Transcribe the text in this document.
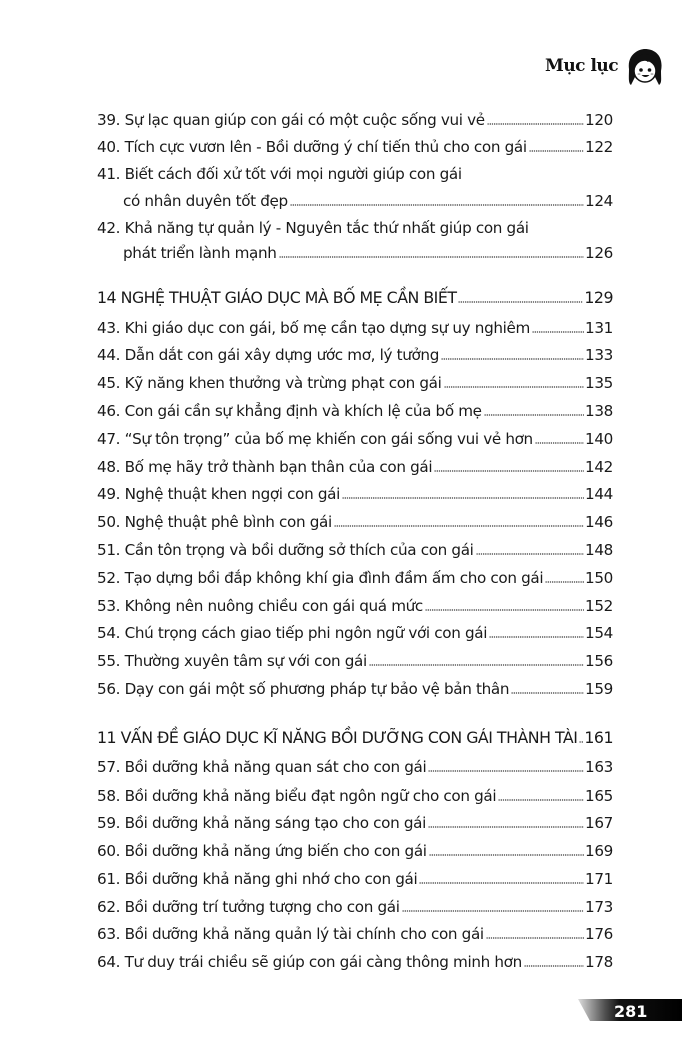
Mục lục
39. Sự lạc quan giúp con gái có một cuộc sống vui vẻ	120
40. Tích cực vươn lên - Bồi dưỡng ý chí tiến thủ cho con gái	122
41. Biết cách đối xử tốt với mọi người giúp con gái
có nhân duyên tốt đẹp	124
42. Khả năng tự quản lý - Nguyên tắc thứ nhất giúp con gái
phát triển lành mạnh	126
14 NGHỆ THUẬT GIÁO DỤC MÀ BỐ MẸ CẦN BIẾT	129
43. Khi giáo dục con gái, bố mẹ cần tạo dựng sự uy nghiêm	131
44. Dẫn dắt con gái xây dựng ước mơ, lý tưởng	133
45. Kỹ năng khen thưởng và trừng phạt con gái	135
46. Con gái cần sự khẳng định và khích lệ của bố mẹ	138
47. “Sự tôn trọng” của bố mẹ khiến con gái sống vui vẻ hơn	140
48. Bố mẹ hãy trở thành bạn thân của con gái	142
49. Nghệ thuật khen ngợi con gái	144
50. Nghệ thuật phê bình con gái	146
51. Cần tôn trọng và bồi dưỡng sở thích của con gái	148
52. Tạo dựng bồi đắp không khí gia đình đầm ấm cho con gái	150
53. Không nên nuông chiều con gái quá mức	152
54. Chú trọng cách giao tiếp phi ngôn ngữ với con gái	154
55. Thường xuyên tâm sự với con gái	156
56. Dạy con gái một số phương pháp tự bảo vệ bản thân	159
11 VẤN ĐỀ GIÁO DỤC KĨ NĂNG BỒI DƯỠNG CON GÁI THÀNH TÀI 161
57. Bồi dưỡng khả năng quan sát cho con gái	163
58. Bồi dưỡng khả năng biểu đạt ngôn ngữ cho con gái	165
59. Bồi dưỡng khả năng sáng tạo cho con gái	167
60. Bồi dưỡng khả năng ứng biến cho con gái	169
61. Bồi dưỡng khả năng ghi nhớ cho con gái	171
62. Bồi dưỡng trí tưởng tượng cho con gái	173
63. Bồi dưỡng khả năng quản lý tài chính cho con gái	176
64. Tư duy trái chiều sẽ giúp con gái càng thông minh hơn	178
281
